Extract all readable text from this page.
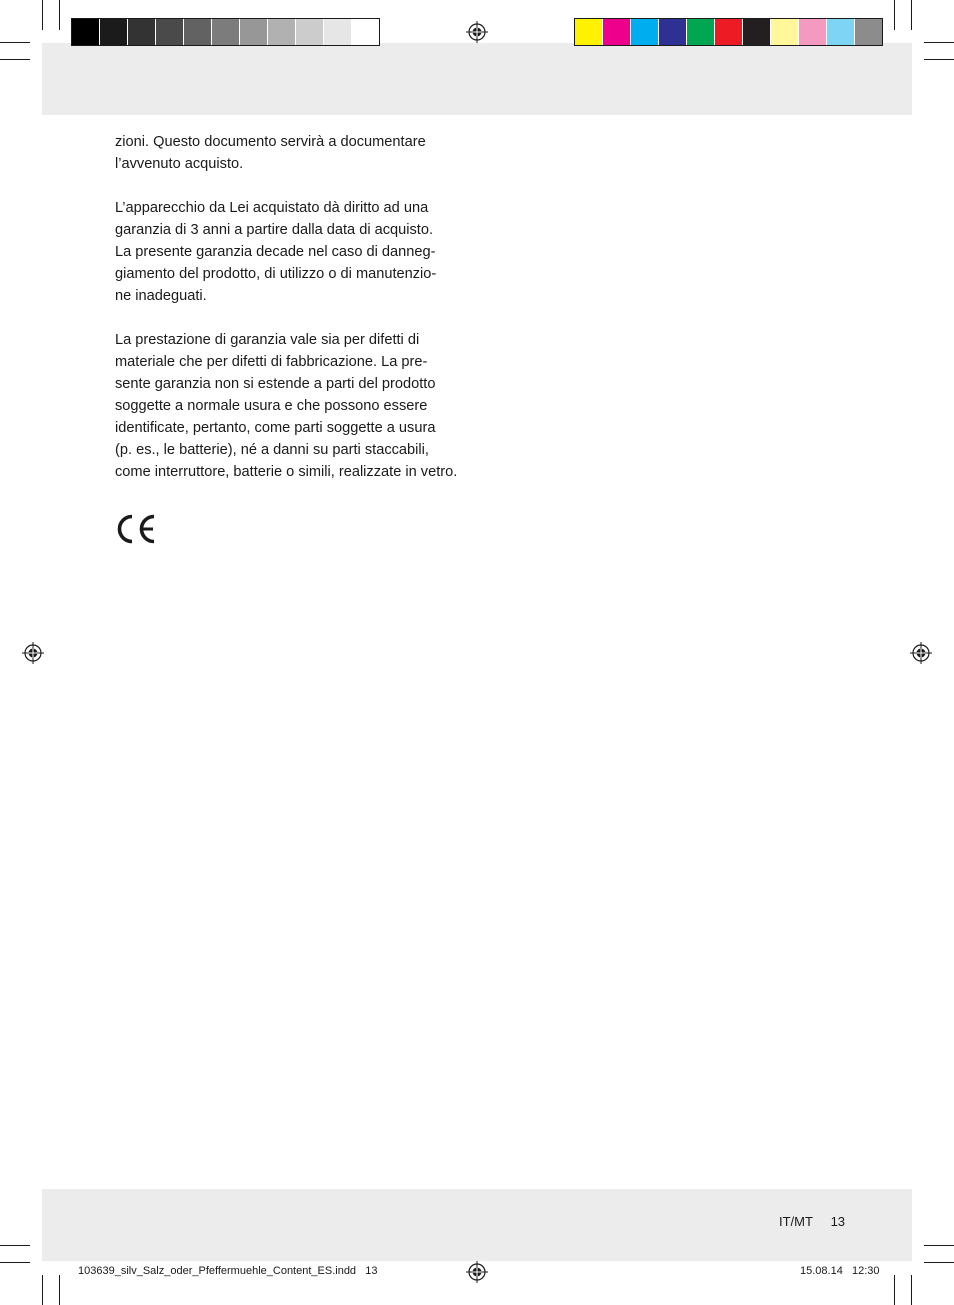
zioni. Questo documento servirà a documentare
l’avvenuto acquisto.

L’apparecchio da Lei acquistato dà diritto ad una
garanzia di 3 anni a partire dalla data di acquisto.
La presente garanzia decade nel caso di danneg-
giamento del prodotto, di utilizzo o di manutenzio-
ne inadeguati.

La prestazione di garanzia vale sia per difetti di
materiale che per difetti di fabbricazione. La pre-
sente garanzia non si estende a parti del prodotto
soggette a normale usura e che possono essere
identificate, pertanto, come parti soggette a usura
(p. es., le batterie), né a danni su parti staccabili,
come interruttore, batterie o simili, realizzate in vetro.

IT/MT 13
103639_silv_Salz_oder_Pfeffermuehle_Content_ES.indd   13	15.08.14   12:30
